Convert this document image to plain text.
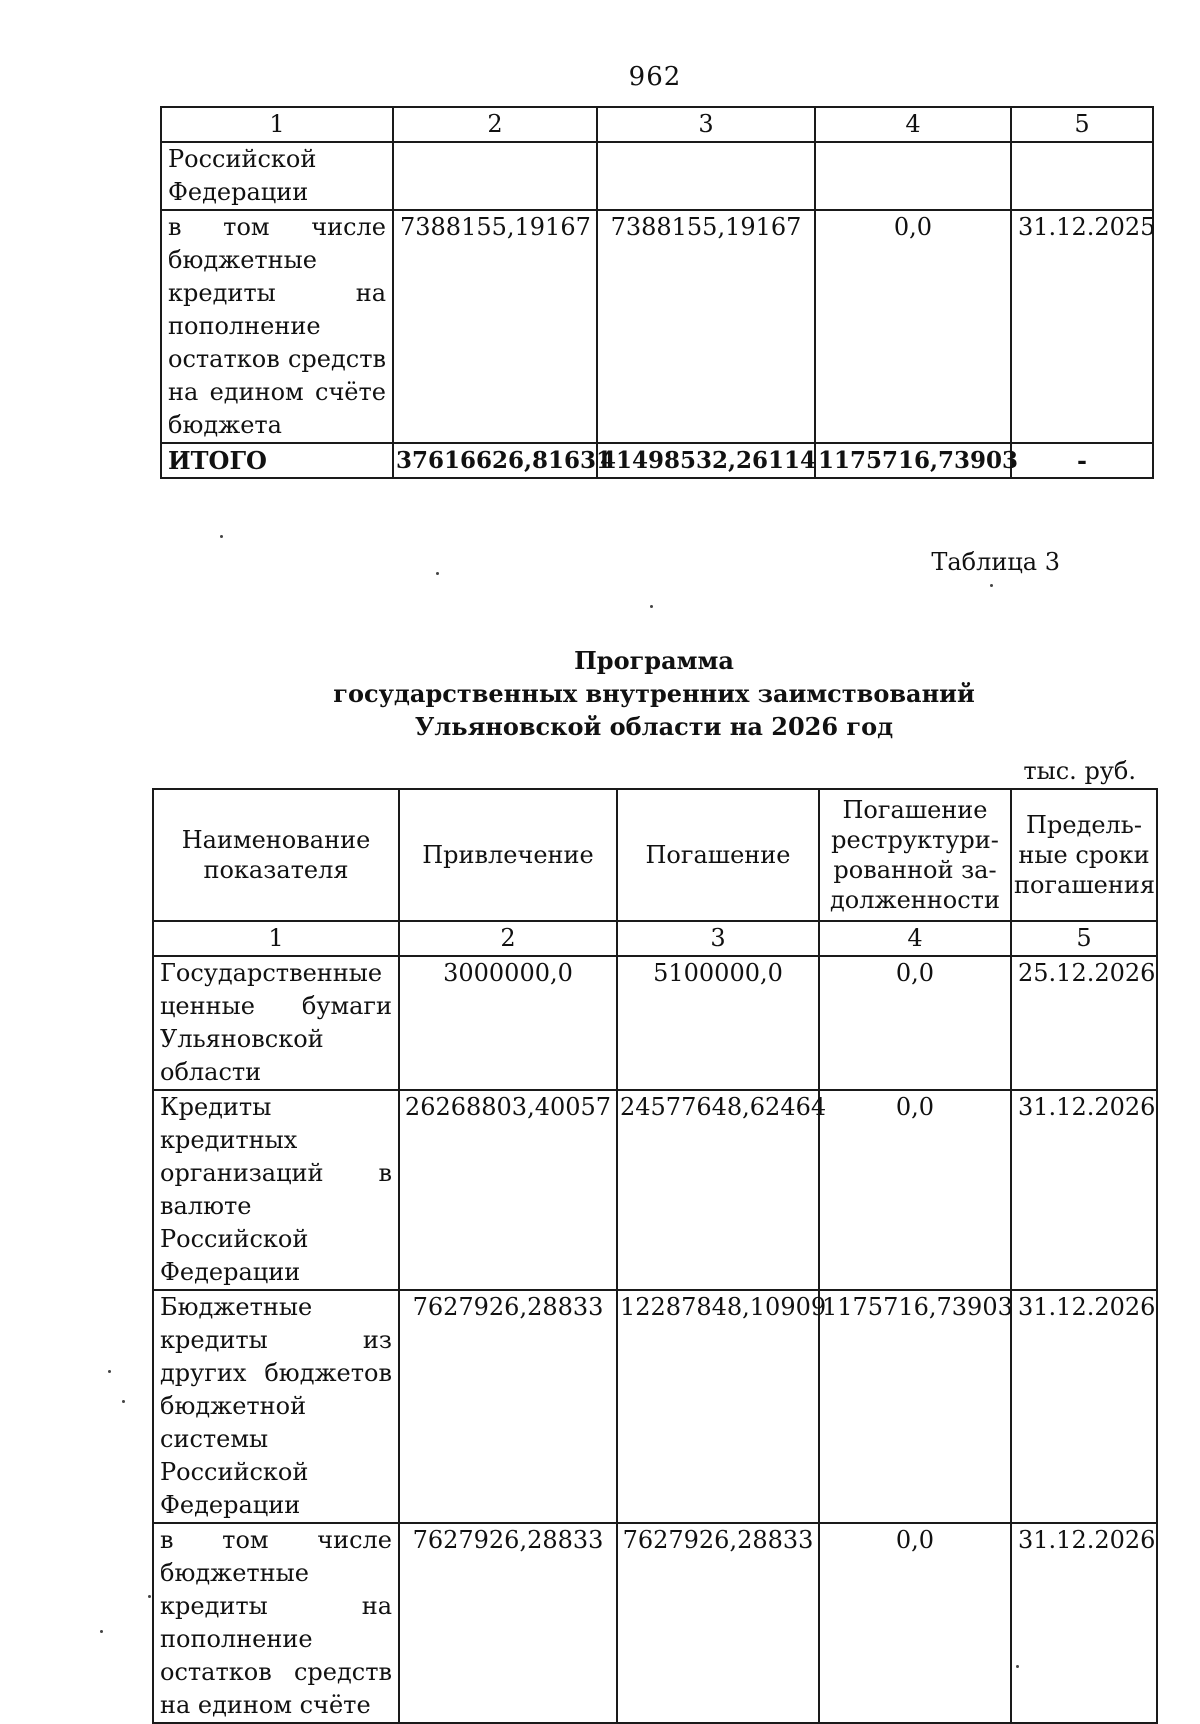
962
1	2	3	4	5
Российской Федерации				
в том числе бюджетные кредиты на пополнение остатков средств на едином счёте бюджета	7388155,19167	7388155,19167	0,0	31.12.2025
ИТОГО	37616626,81631	41498532,26114	1175716,73903	-
Таблица 3
Программа
государственных внутренних заимствований
Ульяновской области на 2026 год
тыс. руб.
Наименование показателя	Привлечение	Погашение	Погашение реструктури-рованной за-долженности	Предель-ные сроки погашения
1	2	3	4	5
Государственные ценные бумаги Ульяновской области	3000000,0	5100000,0	0,0	25.12.2026
Кредиты кредитных организаций в валюте Российской Федерации	26268803,40057	24577648,62464	0,0	31.12.2026
Бюджетные кредиты из других бюджетов бюджетной системы Российской Федерации	7627926,28833	12287848,10909	1175716,73903	31.12.2026
в том числе бюджетные кредиты на пополнение остатков средств на едином счёте	7627926,28833	7627926,28833	0,0	31.12.2026
